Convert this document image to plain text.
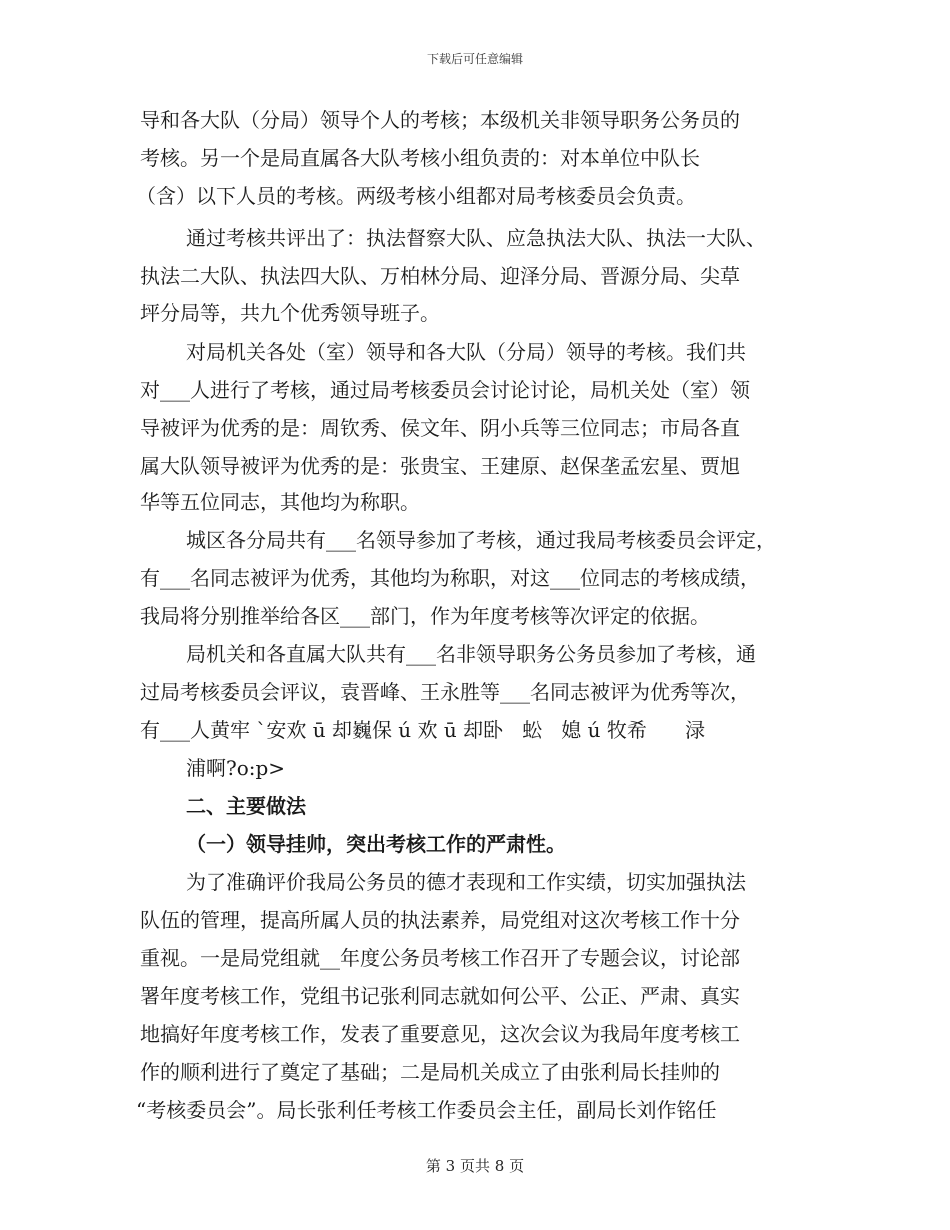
下载后可任意编辑
导和各大队（分局）领导个人的考核；本级机关非领导职务公务员的
考核。另一个是局直属各大队考核小组负责的：对本单位中队长
（含）以下人员的考核。两级考核小组都对局考核委员会负责。
通过考核共评出了：执法督察大队、应急执法大队、执法一大队、
执法二大队、执法四大队、万柏林分局、迎泽分局、晋源分局、尖草
坪分局等，共九个优秀领导班子。
对局机关各处（室）领导和各大队（分局）领导的考核。我们共
对___人进行了考核，通过局考核委员会讨论讨论，局机关处（室）领
导被评为优秀的是：周钦秀、侯文年、阴小兵等三位同志；市局各直
属大队领导被评为优秀的是：张贵宝、王建原、赵保垄孟宏星、贾旭
华等五位同志，其他均为称职。
城区各分局共有___名领导参加了考核，通过我局考核委员会评定，
有___名同志被评为优秀，其他均为称职，对这___位同志的考核成绩，
我局将分别推举给各区___部门，作为年度考核等次评定的依据。
局机关和各直属大队共有___名非领导职务公务员参加了考核，通
过局考核委员会评议，袁晋峰、王永胜等___名同志被评为优秀等次，
有___人黄牢 `安欢 ū 却巍保 ú 欢 ū 却卧   蚣   媳 ú 牧希      渌
浦啊?o:p>
二、主要做法
（一）领导挂帅，突出考核工作的严肃性。
为了准确评价我局公务员的德才表现和工作实绩，切实加强执法
队伍的管理，提高所属人员的执法素养，局党组对这次考核工作十分
重视。一是局党组就__年度公务员考核工作召开了专题会议，讨论部
署年度考核工作，党组书记张利同志就如何公平、公正、严肃、真实
地搞好年度考核工作，发表了重要意见，这次会议为我局年度考核工
作的顺利进行了奠定了基础；二是局机关成立了由张利局长挂帅的
“考核委员会”。局长张利任考核工作委员会主任，副局长刘作铭任
第 3 页共 8 页
